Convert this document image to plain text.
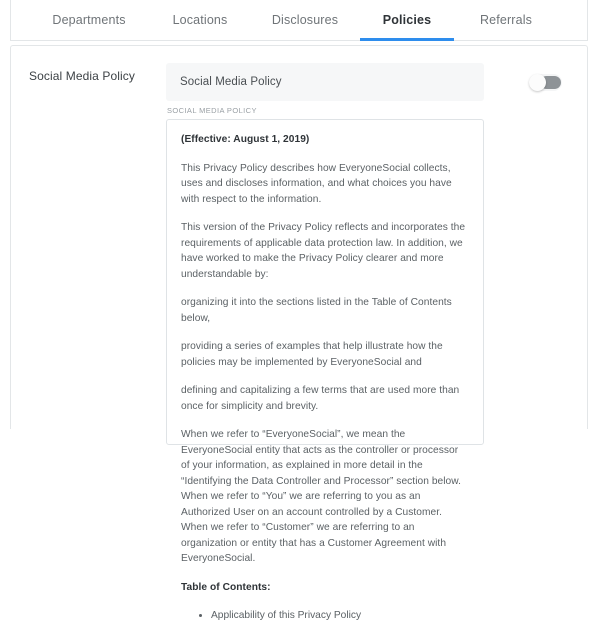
Departments	Locations	Disclosures	Policies	Referrals
Social Media Policy	Social Media Policy
SOCIAL MEDIA POLICY

(Effective: August 1, 2019)

This Privacy Policy describes how EveryoneSocial collects, uses and discloses information, and what choices you have with respect to the information.

This version of the Privacy Policy reflects and incorporates the requirements of applicable data protection law. In addition, we have worked to make the Privacy Policy clearer and more understandable by:

organizing it into the sections listed in the Table of Contents below,

providing a series of examples that help illustrate how the policies may be implemented by EveryoneSocial and

defining and capitalizing a few terms that are used more than once for simplicity and brevity.

When we refer to “EveryoneSocial”, we mean the EveryoneSocial entity that acts as the controller or processor of your information, as explained in more detail in the “Identifying the Data Controller and Processor” section below. When we refer to “You” we are referring to you as an Authorized User on an account controlled by a Customer. When we refer to “Customer” we are referring to an organization or entity that has a Customer Agreement with EveryoneSocial.

Table of Contents:

• Applicability of this Privacy Policy
